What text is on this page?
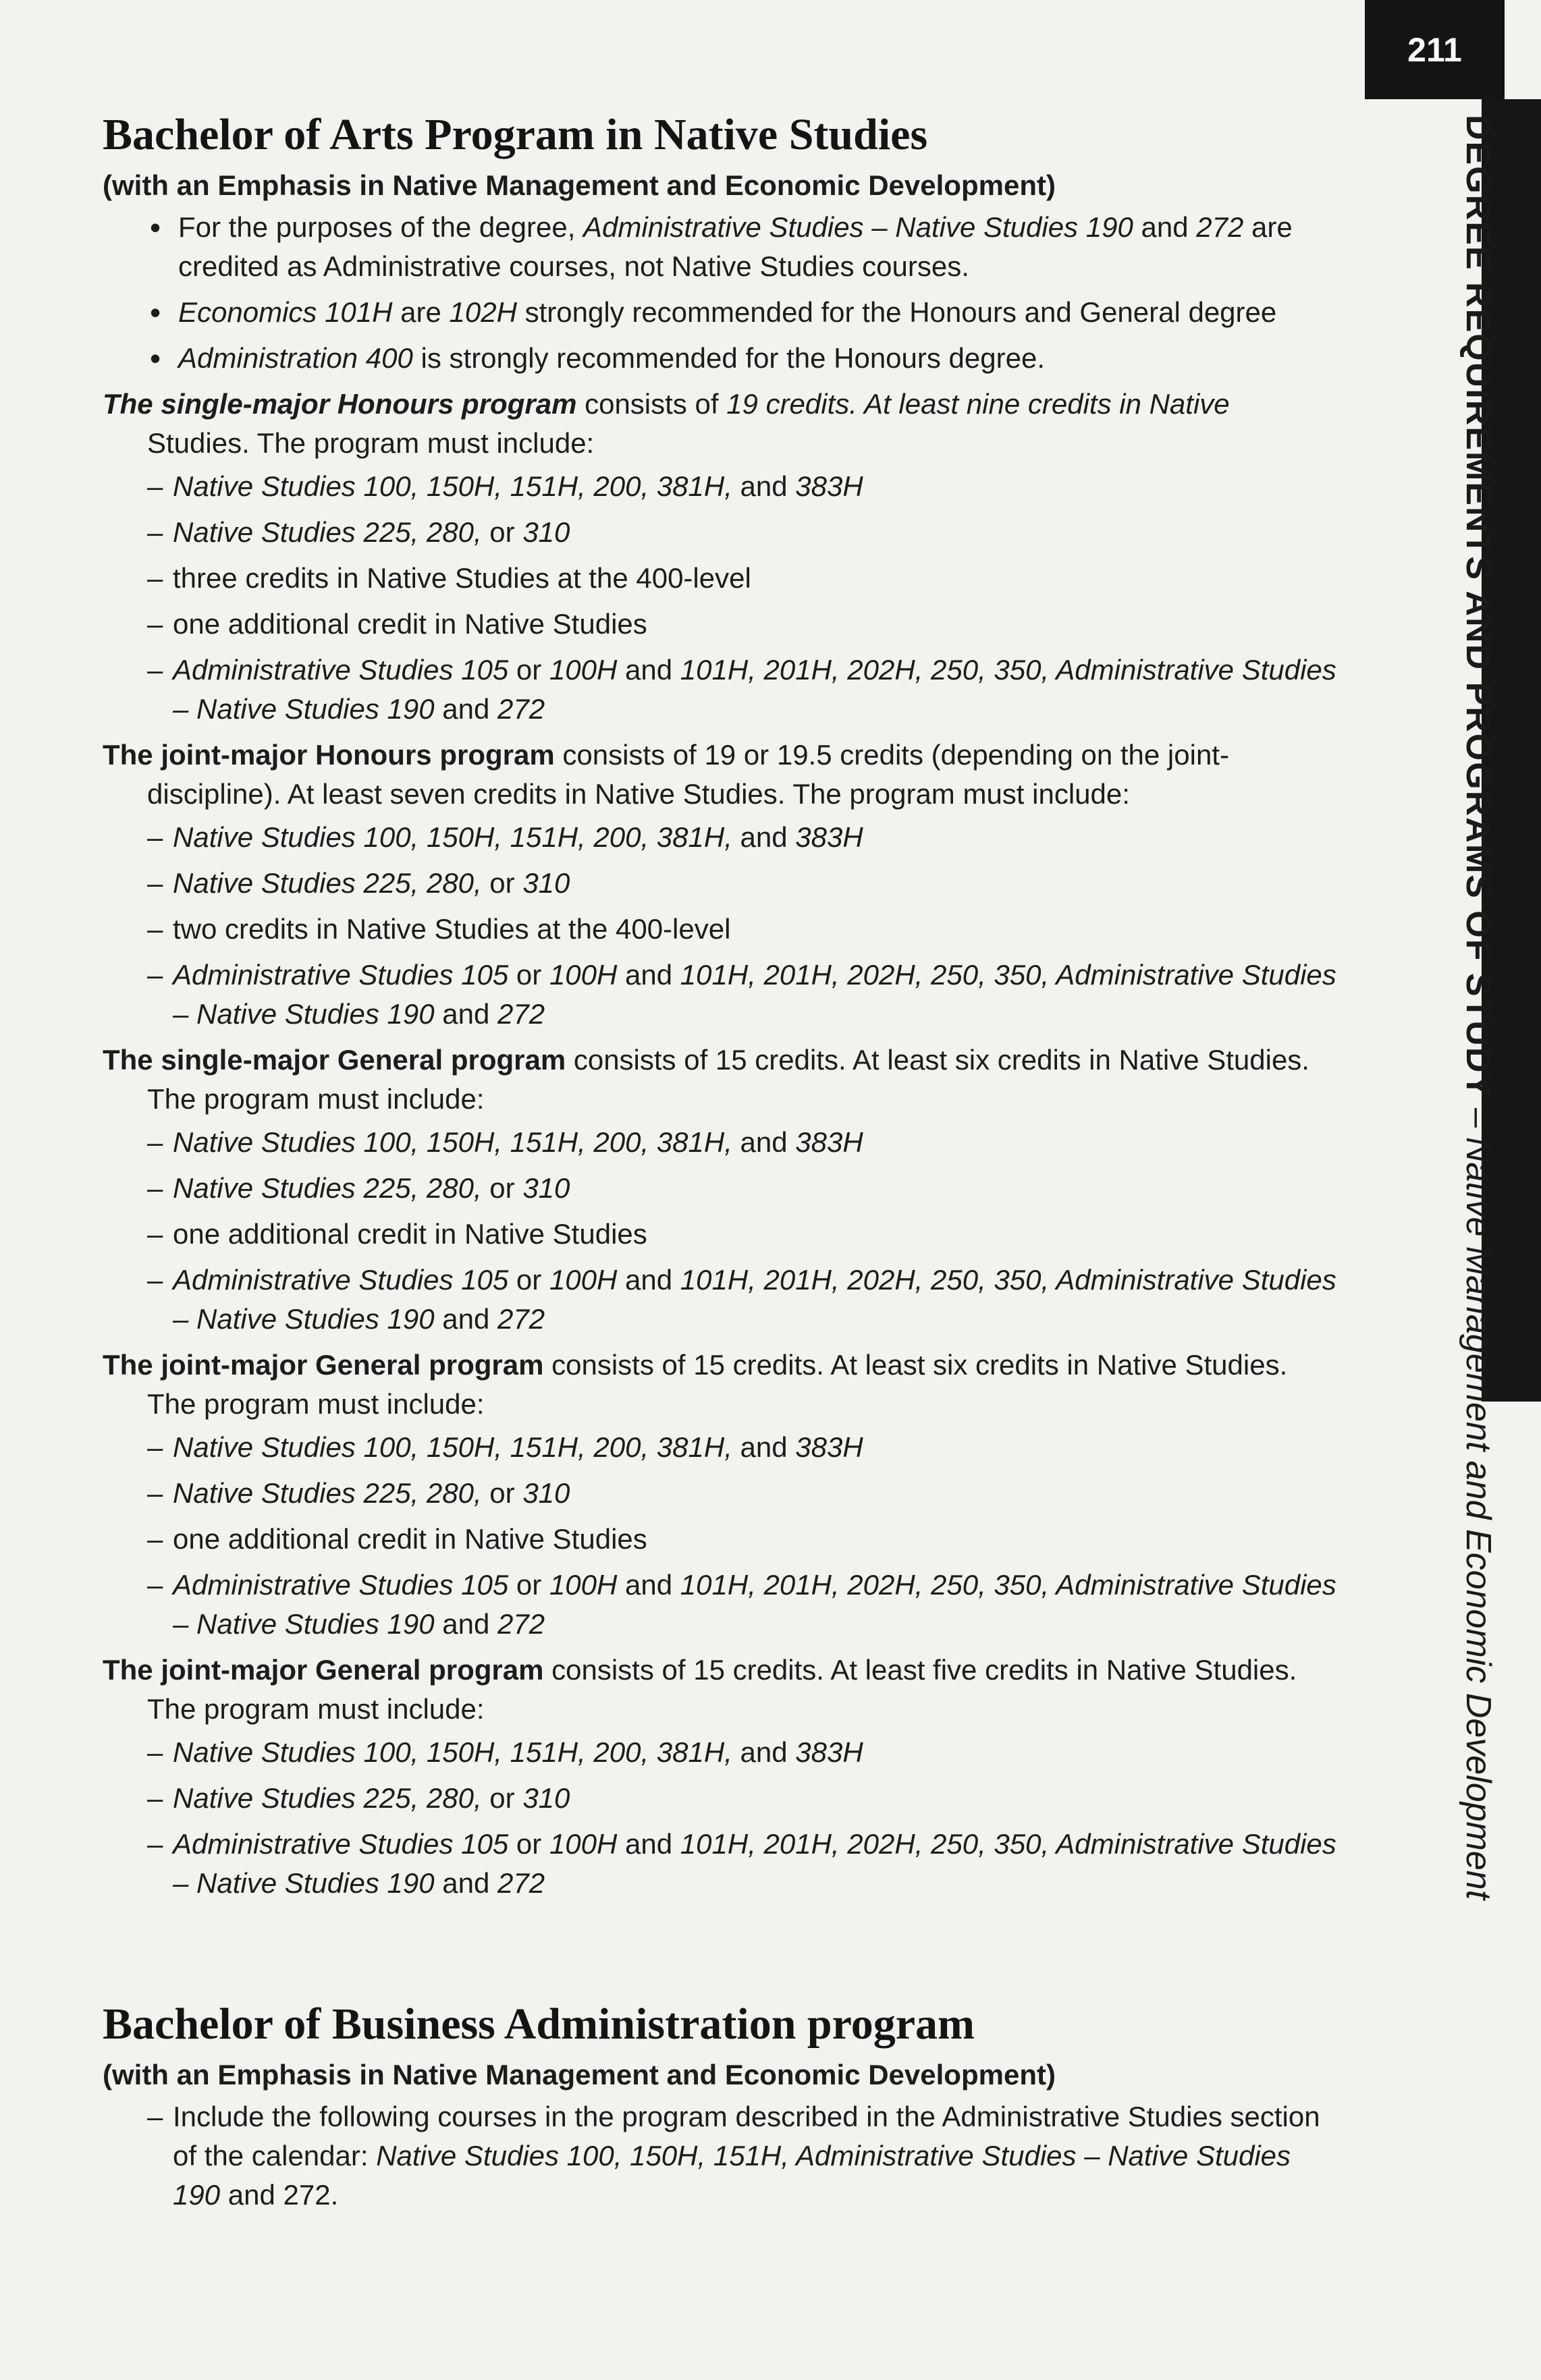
211
DEGREE REQUIREMENTS AND PROGRAMS OF STUDY
–
Native Management and Economic Development
Bachelor of Arts Program in Native Studies
(with an Emphasis in Native Management and Economic Development)
• For the purposes of the degree, Administrative Studies – Native Studies 190 and 272 are credited as Administrative courses, not Native Studies courses.
• Economics 101H are 102H strongly recommended for the Honours and General degree
• Administration 400 is strongly recommended for the Honours degree.

The single-major Honours program consists of 19 credits. At least nine credits in Native Studies. The program must include:

– Native Studies 100, 150H, 151H, 200, 381H, and 383H
– Native Studies 225, 280, or 310
– three credits in Native Studies at the 400-level
– one additional credit in Native Studies
– Administrative Studies 105 or 100H and 101H, 201H, 202H, 250, 350, Administrative Studies – Native Studies 190 and 272

The joint-major Honours program consists of 19 or 19.5 credits (depending on the joint-discipline). At least seven credits in Native Studies. The program must include:

– Native Studies 100, 150H, 151H, 200, 381H, and 383H
– Native Studies 225, 280, or 310
– two credits in Native Studies at the 400-level
– Administrative Studies 105 or 100H and 101H, 201H, 202H, 250, 350, Administrative Studies – Native Studies 190 and 272

The single-major General program consists of 15 credits. At least six credits in Native Studies. The program must include:

– Native Studies 100, 150H, 151H, 200, 381H, and 383H
– Native Studies 225, 280, or 310
– one additional credit in Native Studies
– Administrative Studies 105 or 100H and 101H, 201H, 202H, 250, 350, Administrative Studies – Native Studies 190 and 272

The joint-major General program consists of 15 credits. At least six credits in Native Studies. The program must include:

– Native Studies 100, 150H, 151H, 200, 381H, and 383H
– Native Studies 225, 280, or 310
– one additional credit in Native Studies
– Administrative Studies 105 or 100H and 101H, 201H, 202H, 250, 350, Administrative Studies – Native Studies 190 and 272

The joint-major General program consists of 15 credits. At least five credits in Native Studies. The program must include:

– Native Studies 100, 150H, 151H, 200, 381H, and 383H
– Native Studies 225, 280, or 310
– Administrative Studies 105 or 100H and 101H, 201H, 202H, 250, 350, Administrative Studies – Native Studies 190 and 272
Bachelor of Business Administration program
(with an Emphasis in Native Management and Economic Development)
– Include the following courses in the program described in the Administrative Studies section of the calendar: Native Studies 100, 150H, 151H, Administrative Studies – Native Studies 190 and 272.
